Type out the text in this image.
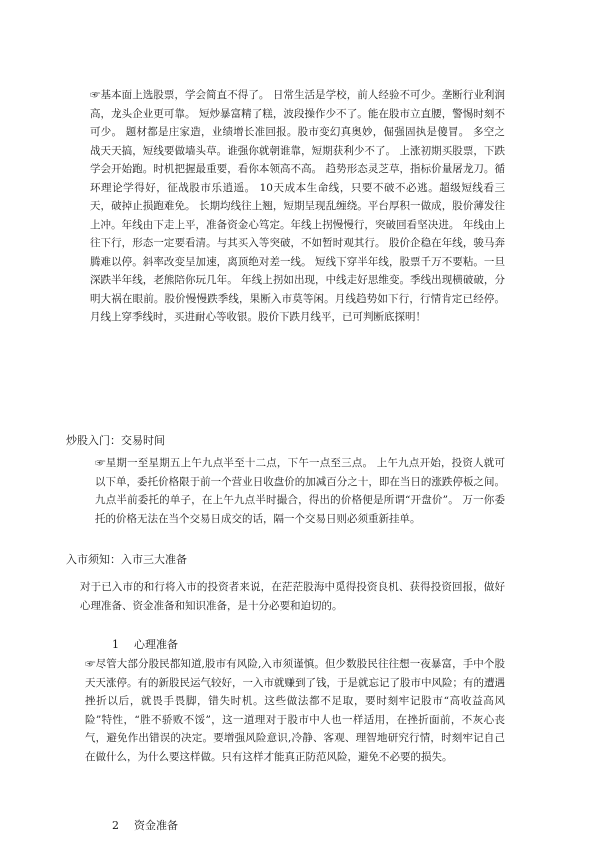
☞基本面上选股票，学会简直不得了。 日常生活是学校，前人经验不可少。垄断行业利润高，龙头企业更可靠。 短炒暴富精了糕，波段操作少不了。能在股市立直腰，警惕时刻不可少。 题材都是庄家造，业绩增长准回报。股市变幻真奥妙，倔强固执是傻冒。 多空之战天天搞，短线要做墙头草。谁强你就朝谁靠，短期获利少不了。 上涨初期买股票，下跌学会开始跑。时机把握最重要，看你本领高不高。 趋势形态灵芝草，指标价量屠龙刀。循环理论学得好，征战股市乐逍遥。 10天成本生命线，只要不破不必逃。超级短线看三天，破掉止损跑难免。 长期均线往上翘，短期呈现乱缠绕。平台厚积一做成，股价薄发往上冲。年线由下走上平，准备资金心笃定。年线上拐慢慢行，突破回看坚决进。 年线由上往下行，形态一定要看清。与其买入等突破，不如暂时观其行。 股价企稳在年线，骏马奔腾难以停。斜率改变呈加速，离顶绝对差一线。 短线下穿半年线，股票千万不要粘。一旦深跌半年线，老熊陪你玩几年。 年线上拐如出现，中线走好思维变。季线出现横破破，分明大祸在眼前。股价慢慢跌季线，果断入市莫等闲。月线趋势如下行，行情肯定已经停。 月线上穿季线时，买进耐心等收银。股价下跌月线平，已可判断底探明！

炒股入门：交易时间

☞星期一至星期五上午九点半至十二点，下午一点至三点。 上午九点开始，投资人就可以下单，委托价格限于前一个营业日收盘价的加减百分之十，即在当日的涨跌停板之间。九点半前委托的单子，在上午九点半时撮合，得出的价格便是所谓“开盘价”。 万一你委托的价格无法在当个交易日成交的话，隔一个交易日则必须重新挂单。

入市须知：入市三大准备

对于已入市的和行将入市的投资者来说，在茫茫股海中觅得投资良机、获得投资回报，做好心理准备、资金准备和知识准备，是十分必要和迫切的。

1 心理准备

☞尽管大部分股民都知道,股市有风险,入市须谨慎。但少数股民往往想一夜暴富，手中个股天天涨停。有的新股民运气较好，一入市就赚到了钱，于是就忘记了股市中风险；有的遭遇挫折以后，就畏手畏脚，错失时机。这些做法都不足取，要时刻牢记股市“高收益高风险”特性，“胜不骄败不馁”，这一道理对于股市中人也一样适用，在挫折面前，不灰心丧气，避免作出错误的决定。要增强风险意识,冷静、客观、理智地研究行情，时刻牢记自己在做什么，为什么要这样做。只有这样才能真正防范风险，避免不必要的损失。

2 资金准备
